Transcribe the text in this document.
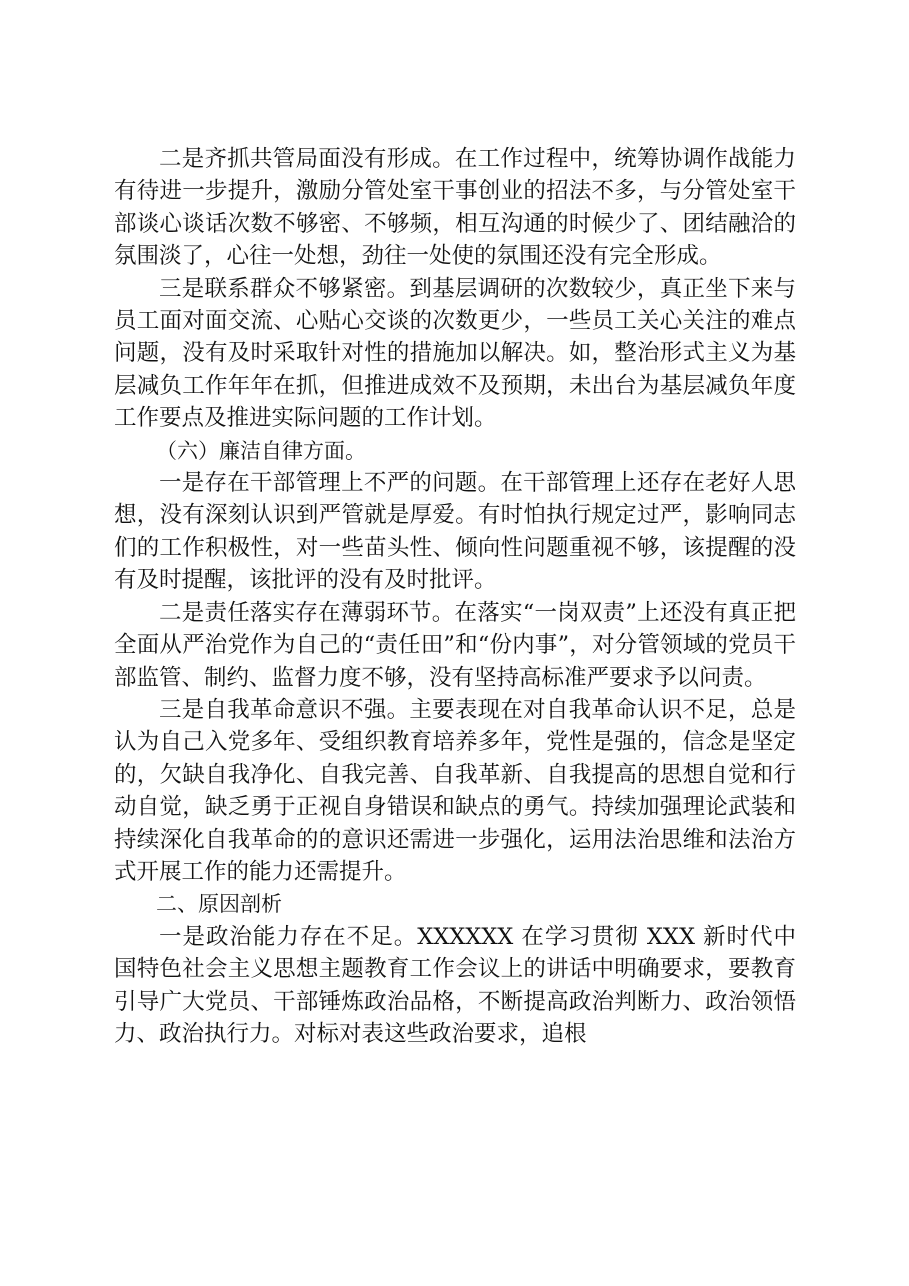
二是齐抓共管局面没有形成。在工作过程中，统筹协调作战能力有待进一步提升，激励分管处室干事创业的招法不多，与分管处室干部谈心谈话次数不够密、不够频，相互沟通的时候少了、团结融洽的氛围淡了，心往一处想，劲往一处使的氛围还没有完全形成。

三是联系群众不够紧密。到基层调研的次数较少，真正坐下来与员工面对面交流、心贴心交谈的次数更少，一些员工关心关注的难点问题，没有及时采取针对性的措施加以解决。如，整治形式主义为基层减负工作年年在抓，但推进成效不及预期，未出台为基层减负年度工作要点及推进实际问题的工作计划。

（六）廉洁自律方面。

一是存在干部管理上不严的问题。在干部管理上还存在老好人思想，没有深刻认识到严管就是厚爱。有时怕执行规定过严，影响同志们的工作积极性，对一些苗头性、倾向性问题重视不够，该提醒的没有及时提醒，该批评的没有及时批评。

二是责任落实存在薄弱环节。在落实“一岗双责”上还没有真正把全面从严治党作为自己的“责任田”和“份内事”，对分管领域的党员干部监管、制约、监督力度不够，没有坚持高标准严要求予以问责。

三是自我革命意识不强。主要表现在对自我革命认识不足，总是认为自己入党多年、受组织教育培养多年，党性是强的，信念是坚定的，欠缺自我净化、自我完善、自我革新、自我提高的思想自觉和行动自觉，缺乏勇于正视自身错误和缺点的勇气。持续加强理论武装和持续深化自我革命的的意识还需进一步强化，运用法治思维和法治方式开展工作的能力还需提升。

二、原因剖析

一是政治能力存在不足。XXXXXX 在学习贯彻 XXX 新时代中国特色社会主义思想主题教育工作会议上的讲话中明确要求，要教育引导广大党员、干部锤炼政治品格，不断提高政治判断力、政治领悟力、政治执行力。对标对表这些政治要求，追根
